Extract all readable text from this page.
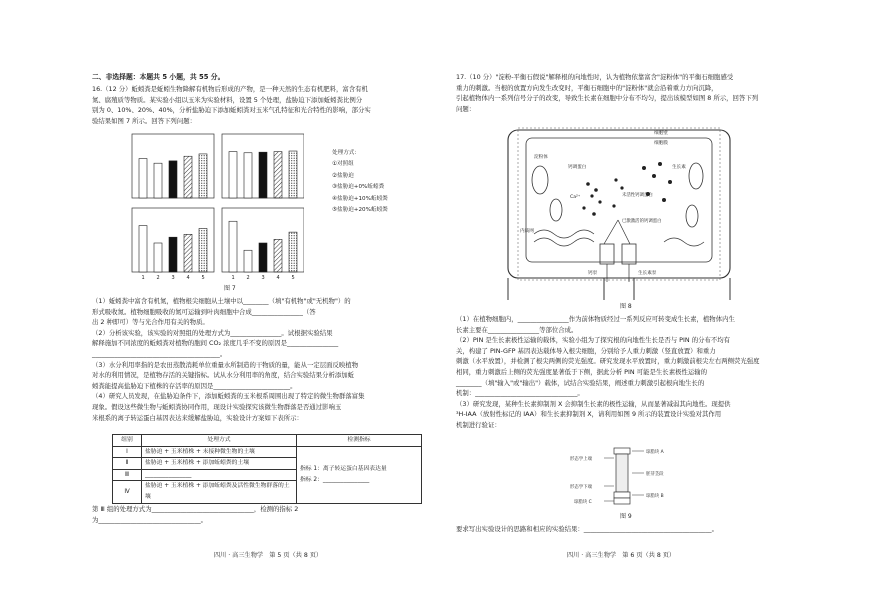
二、非选择题：本题共 5 小题，共 55 分。
16.（12 分）蚯蚓粪是蚯蚓生物降解有机物后形成的产物，是一种天然的生态有机肥料，富含有机
氮、腐殖质等物质。某实验小组以玉米为实验材料，设置 5 个处理，盐胁迫下添加蚯蚓粪比例分
别为 0、10%、20%、40%，分析盐胁迫下添加蚯蚓粪对玉米气孔特征和光合特性的影响，部分实
验结果如图 7 所示。回答下列问题：
1 2 3 4 5	1 2 3 4 5
处理方式：
①对照组
②盐胁迫
③盐胁迫+0%蚯蚓粪
④盐胁迫+10%蚯蚓粪
⑤盐胁迫+20%蚯蚓粪
图 7
（1）蚯蚓粪中富含有机氮，植物根尖细胞从土壤中以________（填"有机物"或"无机物"）的
形式吸收氮。植物细胞吸收的氮可运输到叶肉细胞中合成________________（答
出 2 种即可）等与光合作用有关的物质。
（2）分析该实验，该实验的对照组的处理方式为________________。试根据实验结果
解释施加不同浓度的蚯蚓粪对植物的胞间 CO₂ 浓度几乎不变的原因是________________
________________________________________。
（3）水分利用率指的是农田蒸散消耗单位重量水所制造的干物质的量，能从一定层面反映植物
对水的利用情况，是植物存活的关键指标。试从水分利用率的角度，结合实验结果分析添加蚯
蚓粪能提高盐胁迫下植株的存活率的原因是________________________。
（4）研究人员发现，在盐胁迫条件下，添加蚯蚓粪的玉米根系周围出现了特定的微生物群落富集
现象。假设这些微生物与蚯蚓粪协同作用，现设计实验探究该微生物群落是否通过影响玉
米根系的离子转运蛋白基因表达来缓解盐胁迫，实验设计方案如下表所示：
组别	处理方式	检测指标
Ⅰ	盐胁迫 + 玉米植株 + 未接种微生物的土壤	指标 1：离子转运蛋白基因表达量
指标 2：________________

Ⅱ	盐胁迫 + 玉米植株 + 添加蚯蚓粪的土壤	
Ⅲ	________________	
Ⅳ	盐胁迫 + 玉米植株 + 添加蚯蚓粪及活性微生物群落的土壤	
第 Ⅲ 组的处理方式为________________________________，检测的指标 2
为________________________________。
四川 · 高三生物学　第 5 页（共 8 页）
17.（10 分）"淀粉-平衡石假说"解释根的向地性时，认为植物依靠富含"淀粉体"的平衡石细胞感受
重力的刺激。当根的放置方向发生改变时，平衡石细胞中的"淀粉体"就会沿着重力方向沉降，
引起植物体内一系列信号分子的改变，导致生长素在细胞中分布不均匀，提出该模型如图 8 所示，回答下列
问题：
细胞壁
细胞膜
淀粉体
钙调蛋白
Ca²⁺
生长素
未活性钙调蛋白
已激激活的钙调蛋白
内质网
钙泵	生长素泵
图 8
（1）在植物细胞内，________________作为前体物质经过一系列反应可转变成生长素，植物体内生
长素主要在________________等部位合成。
（2）PIN 是生长素极性运输的载体，实验小组为了探究根的向地性生长是否与 PIN 的分布不均有
关，构建了 PIN-GFP 基因表达载体导入根尖细胞，分别给予人重力刺激（竖直放置）和重力
刺激（水平放置），并检测了根尖两侧的荧光强度。研究发现水平放置时，重力刺激前根尖左右两侧荧光强度
相同，重力刺激后上侧的荧光强度显著低于下侧，据此分析 PIN 可能是生长素极性运输的
________（填"输入"或"输出"）载体，试结合实验结果，阐述重力刺激引起根向地生长的
机制：________________________________。
（3）研究发现，某种生长素抑制剂 X 会抑制生长素的极性运输，从而显著减弱其向地性。现提供
³H-IAA（放射性标记的 IAA）和生长素抑制剂 X，请利用如图 9 所示的装置设计实验对其作用
机制进行验证：
形态学上端
形态学下端
琼脂块 A
胚芽茎段
琼脂块 B
琼脂块 C
图 9
要求写出实验设计的思路和相应的实验结果：________________________________________。
四川 · 高三生物学　第 6 页（共 8 页）
